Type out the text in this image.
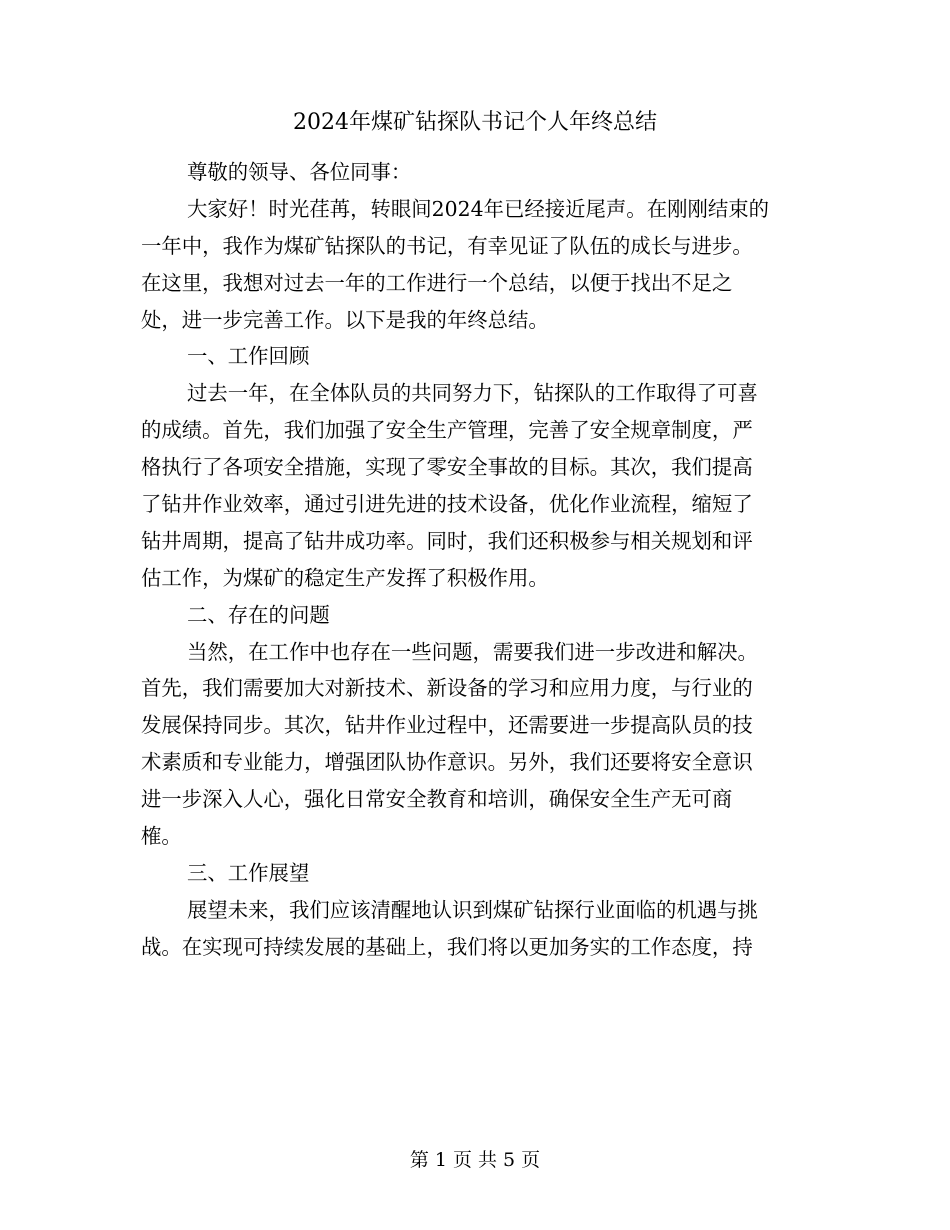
2024年煤矿钻探队书记个人年终总结
尊敬的领导、各位同事：
大家好！时光荏苒，转眼间2024年已经接近尾声。在刚刚结束的
一年中，我作为煤矿钻探队的书记，有幸见证了队伍的成长与进步。
在这里，我想对过去一年的工作进行一个总结，以便于找出不足之
处，进一步完善工作。以下是我的年终总结。
一、工作回顾
过去一年，在全体队员的共同努力下，钻探队的工作取得了可喜
的成绩。首先，我们加强了安全生产管理，完善了安全规章制度，严
格执行了各项安全措施，实现了零安全事故的目标。其次，我们提高
了钻井作业效率，通过引进先进的技术设备，优化作业流程，缩短了
钻井周期，提高了钻井成功率。同时，我们还积极参与相关规划和评
估工作，为煤矿的稳定生产发挥了积极作用。
二、存在的问题
当然，在工作中也存在一些问题，需要我们进一步改进和解决。
首先，我们需要加大对新技术、新设备的学习和应用力度，与行业的
发展保持同步。其次，钻井作业过程中，还需要进一步提高队员的技
术素质和专业能力，增强团队协作意识。另外，我们还要将安全意识
进一步深入人心，强化日常安全教育和培训，确保安全生产无可商
榷。
三、工作展望
展望未来，我们应该清醒地认识到煤矿钻探行业面临的机遇与挑
战。在实现可持续发展的基础上，我们将以更加务实的工作态度，持
第 1 页 共 5 页
